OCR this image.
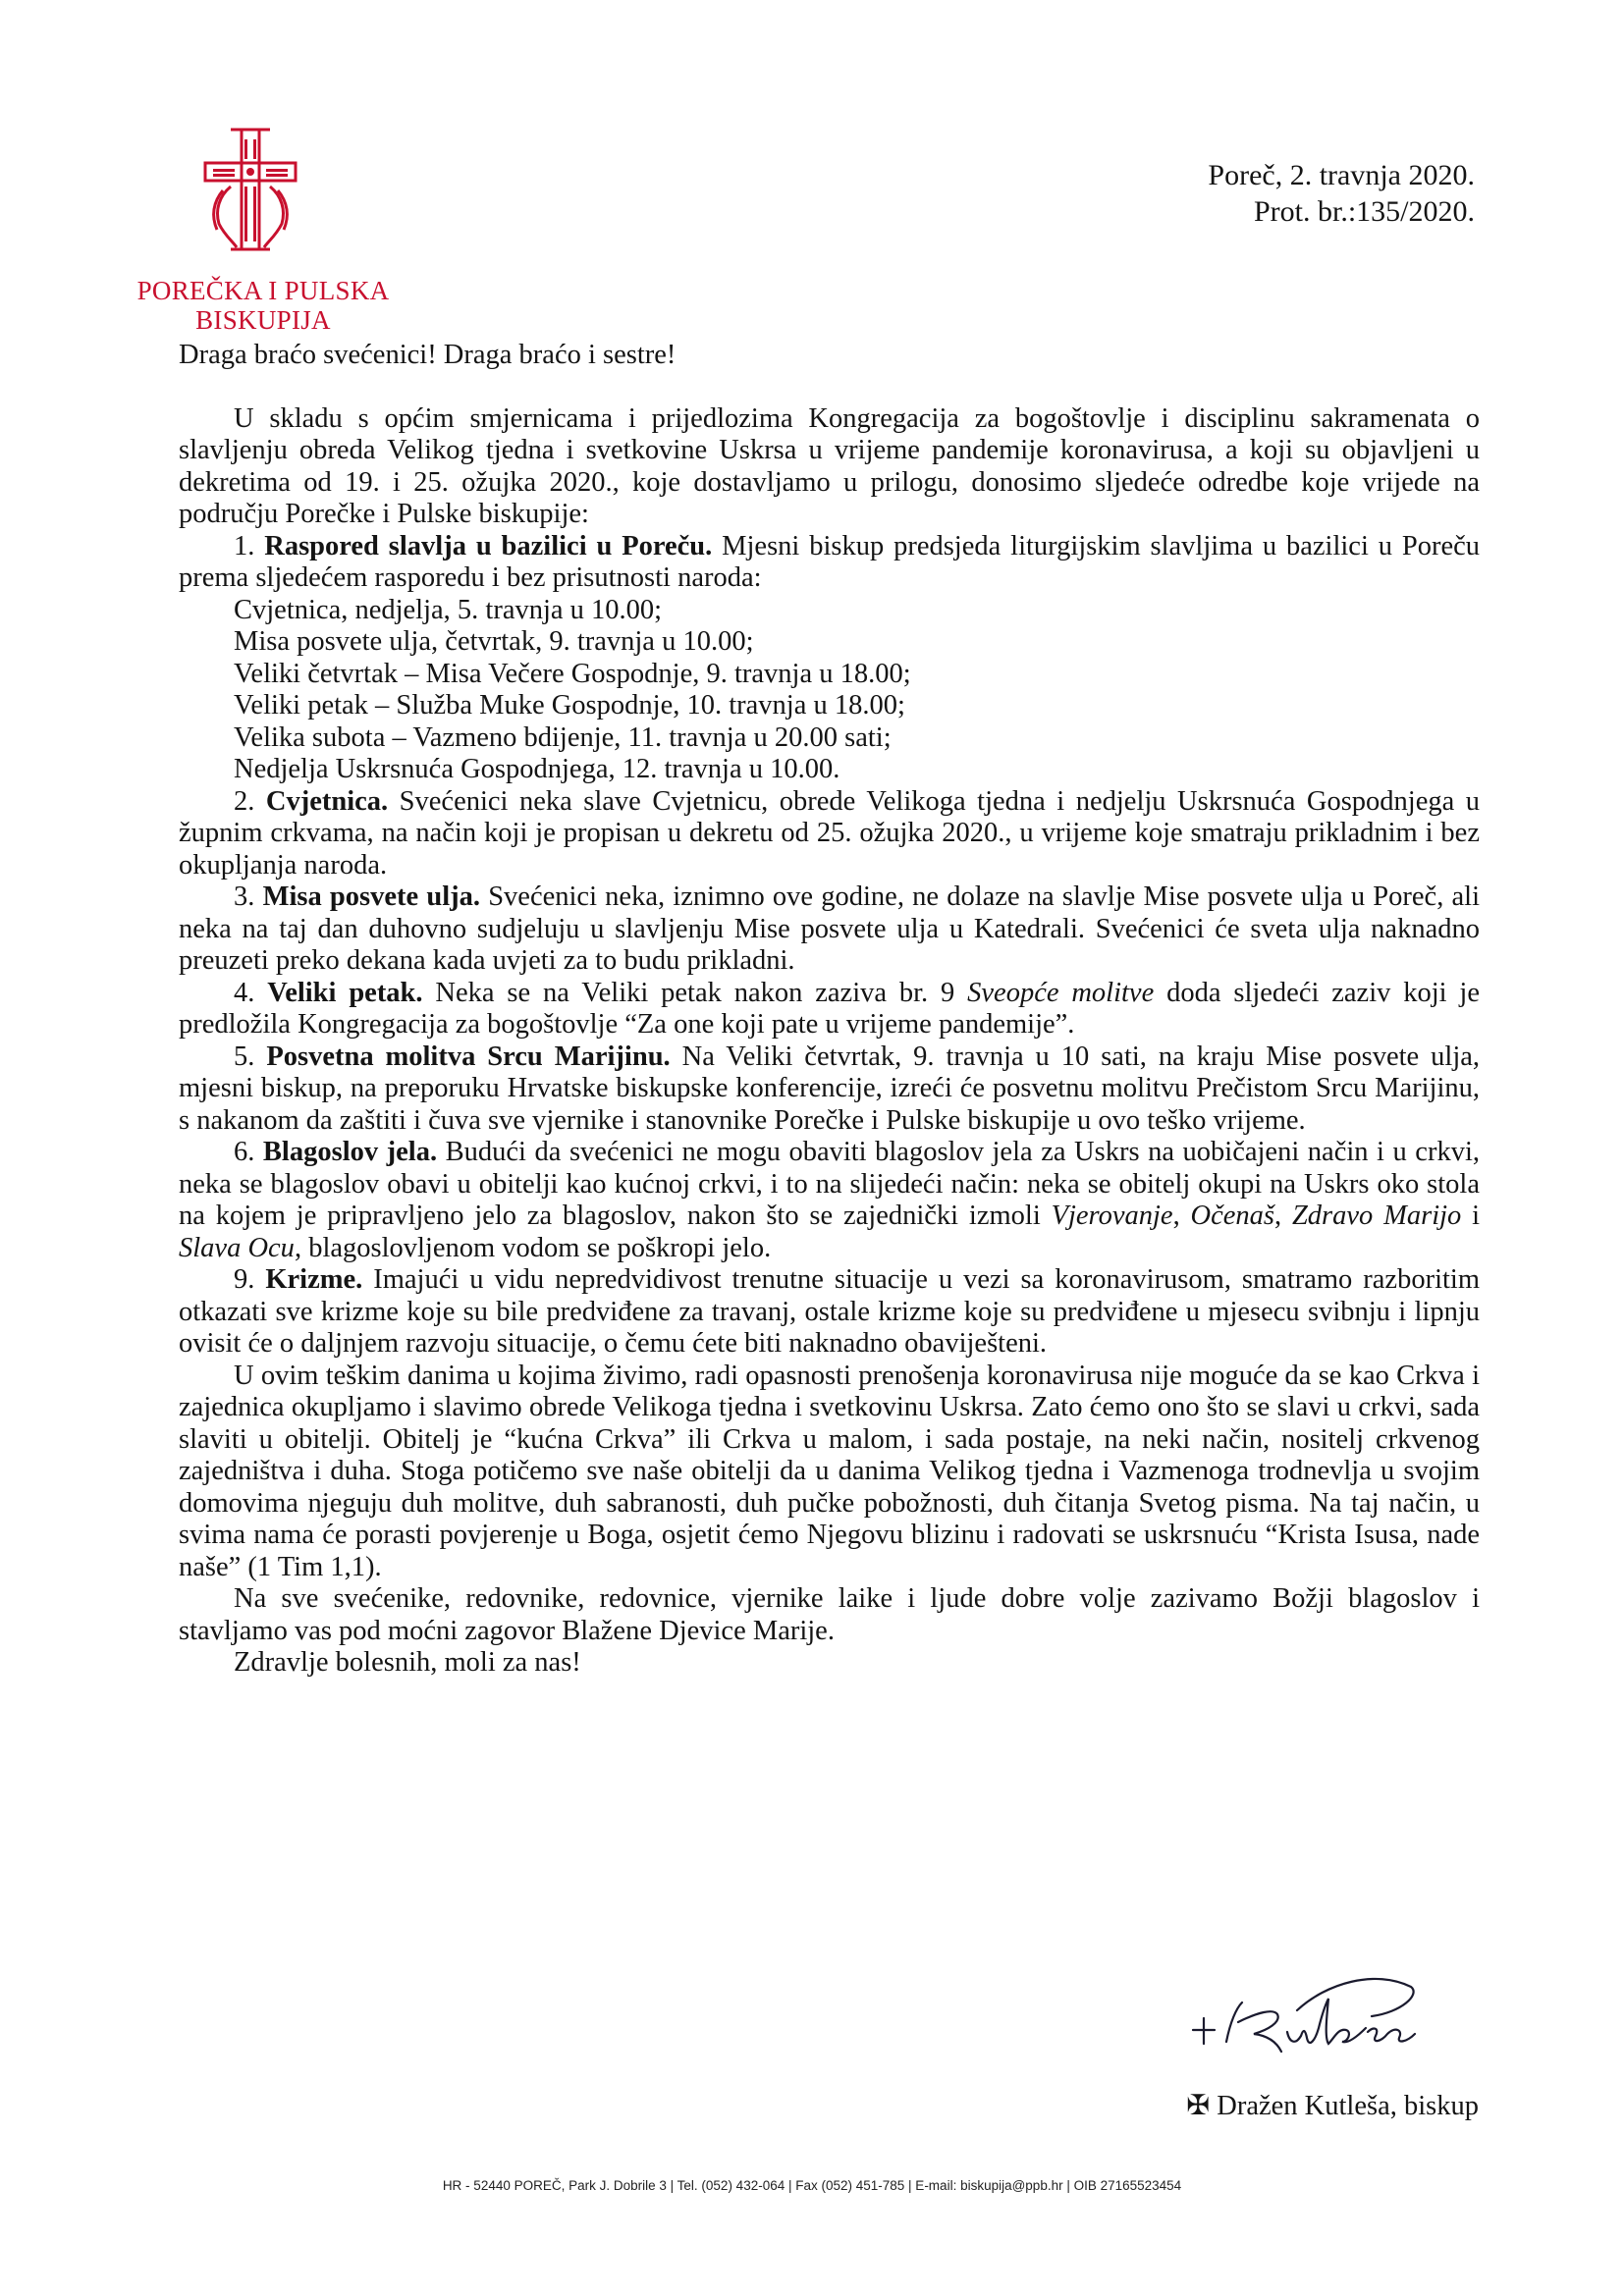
POREČKA I PULSKA
BISKUPIJA
Poreč, 2. travnja 2020.
Prot. br.:135/2020.
Draga braćo svećenici! Draga braćo i sestre!

U skladu s općim smjernicama i prijedlozima Kongregacija za bogoštovlje i disciplinu sakramenata o slavljenju obreda Velikog tjedna i svetkovine Uskrsa u vrijeme pandemije koronavirusa, a koji su objavljeni u dekretima od 19. i 25. ožujka 2020., koje dostavljamo u prilogu, donosimo sljedeće odredbe koje vrijede na području Porečke i Pulske biskupije:

1. Raspored slavlja u bazilici u Poreču. Mjesni biskup predsjeda liturgijskim slavljima u bazilici u Poreču prema sljedećem rasporedu i bez prisutnosti naroda:

Cvjetnica, nedjelja, 5. travnja u 10.00;
Misa posvete ulja, četvrtak, 9. travnja u 10.00;
Veliki četvrtak – Misa Večere Gospodnje, 9. travnja u 18.00;
Veliki petak – Služba Muke Gospodnje, 10. travnja u 18.00;
Velika subota – Vazmeno bdijenje, 11. travnja u 20.00 sati;
Nedjelja Uskrsnuća Gospodnjega, 12. travnja u 10.00.

2. Cvjetnica. Svećenici neka slave Cvjetnicu, obrede Velikoga tjedna i nedjelju Uskrsnuća Gospodnjega u župnim crkvama, na način koji je propisan u dekretu od 25. ožujka 2020., u vrijeme koje smatraju prikladnim i bez okupljanja naroda.

3. Misa posvete ulja. Svećenici neka, iznimno ove godine, ne dolaze na slavlje Mise posvete ulja u Poreč, ali neka na taj dan duhovno sudjeluju u slavljenju Mise posvete ulja u Katedrali. Svećenici će sveta ulja naknadno preuzeti preko dekana kada uvjeti za to budu prikladni.

4. Veliki petak. Neka se na Veliki petak nakon zaziva br. 9 Sveopće molitve doda sljedeći zaziv koji je predložila Kongregacija za bogoštovlje “Za one koji pate u vrijeme pandemije”.

5. Posvetna molitva Srcu Marijinu. Na Veliki četvrtak, 9. travnja u 10 sati, na kraju Mise posvete ulja, mjesni biskup, na preporuku Hrvatske biskupske konferencije, izreći će posvetnu molitvu Prečistom Srcu Marijinu, s nakanom da zaštiti i čuva sve vjernike i stanovnike Porečke i Pulske biskupije u ovo teško vrijeme.

6. Blagoslov jela. Budući da svećenici ne mogu obaviti blagoslov jela za Uskrs na uobičajeni način i u crkvi, neka se blagoslov obavi u obitelji kao kućnoj crkvi, i to na slijedeći način: neka se obitelj okupi na Uskrs oko stola na kojem je pripravljeno jelo za blagoslov, nakon što se zajednički izmoli Vjerovanje, Očenaš, Zdravo Marijo i Slava Ocu, blagoslovljenom vodom se poškropi jelo.

9. Krizme. Imajući u vidu nepredvidivost trenutne situacije u vezi sa koronavirusom, smatramo razboritim otkazati sve krizme koje su bile predviđene za travanj, ostale krizme koje su predviđene u mjesecu svibnju i lipnju ovisit će o daljnjem razvoju situacije, o čemu ćete biti naknadno obaviješteni.

U ovim teškim danima u kojima živimo, radi opasnosti prenošenja koronavirusa nije moguće da se kao Crkva i zajednica okupljamo i slavimo obrede Velikoga tjedna i svetkovinu Uskrsa. Zato ćemo ono što se slavi u crkvi, sada slaviti u obitelji. Obitelj je “kućna Crkva” ili Crkva u malom, i sada postaje, na neki način, nositelj crkvenog zajedništva i duha. Stoga potičemo sve naše obitelji da u danima Velikog tjedna i Vazmenoga trodnevlja u svojim domovima njeguju duh molitve, duh sabranosti, duh pučke pobožnosti, duh čitanja Svetog pisma. Na taj način, u svima nama će porasti povjerenje u Boga, osjetit ćemo Njegovu blizinu i radovati se uskrsnuću “Krista Isusa, nade naše” (1 Tim 1,1).

Na sve svećenike, redovnike, redovnice, vjernike laike i ljude dobre volje zazivamo Božji blagoslov i stavljamo vas pod moćni zagovor Blažene Djevice Marije.

Zdravlje bolesnih, moli za nas!

✠ Dražen Kutleša, biskup
HR - 52440 POREČ, Park J. Dobrile 3 | Tel. (052) 432-064 | Fax (052) 451-785 | E-mail: biskupija@ppb.hr | OIB 27165523454
